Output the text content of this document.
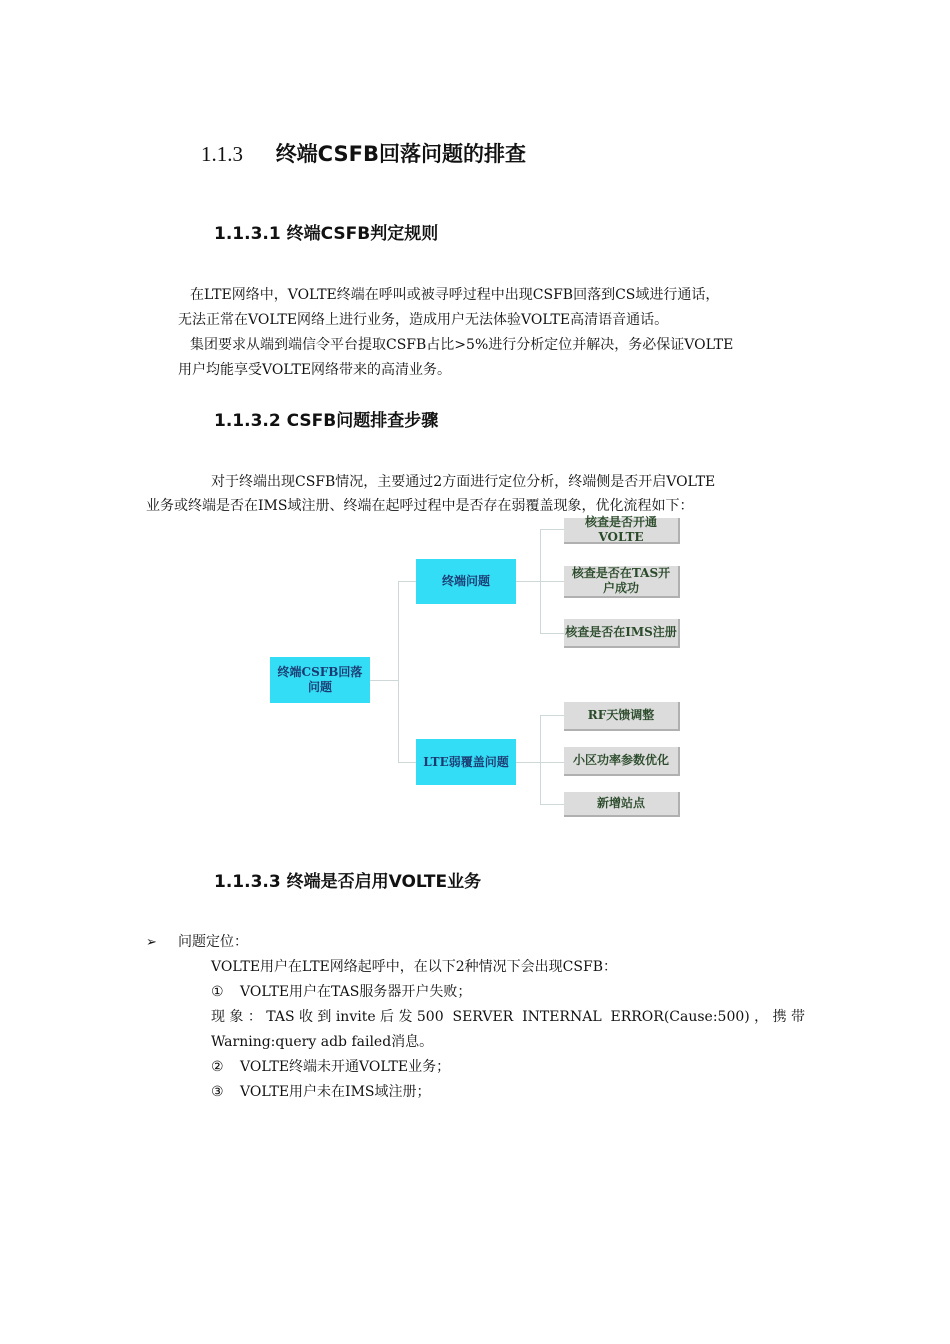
1.1.3 终端CSFB回落问题的排查
1.1.3.1 终端CSFB判定规则
在LTE网络中，VOLTE终端在呼叫或被寻呼过程中出现CSFB回落到CS域进行通话，
无法正常在VOLTE网络上进行业务，造成用户无法体验VOLTE高清语音通话。
集团要求从端到端信令平台提取CSFB占比>5%进行分析定位并解决，务必保证VOLTE
用户均能享受VOLTE网络带来的高清业务。
1.1.3.2 CSFB问题排查步骤
对于终端出现CSFB情况，主要通过2方面进行定位分析，终端侧是否开启VOLTE
业务或终端是否在IMS域注册、终端在起呼过程中是否存在弱覆盖现象，优化流程如下：
终端CSFB回落问题
终端问题
LTE弱覆盖问题
核查是否开通VOLTE
核查是否在TAS开户成功
核查是否在IMS注册
RF天馈调整
小区功率参数优化
新增站点
1.1.3.3 终端是否启用VOLTE业务
➢ 问题定位：
VOLTE用户在LTE网络起呼中，在以下2种情况下会出现CSFB：
① VOLTE用户在TAS服务器开户失败；
现象：TAS收到invite后发500 SERVER INTERNAL ERROR(Cause:500)，携带
Warning:query adb failed消息。
② VOLTE终端未开通VOLTE业务；
③ VOLTE用户未在IMS域注册；
